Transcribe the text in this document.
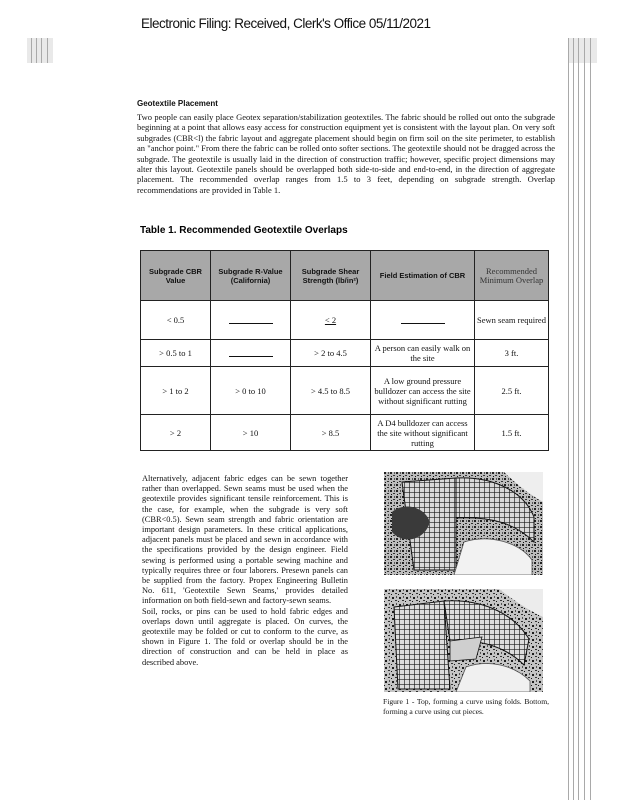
Electronic Filing: Received, Clerk's Office 05/11/2021
Geotextile Placement
Two people can easily place Geotex separation/stabilization geotextiles. The fabric should be rolled out onto the subgrade beginning at a point that allows easy access for construction equipment yet is consistent with the layout plan. On very soft subgrades (CBR<l) the fabric layout and aggregate placement should begin on firm soil on the site perimeter, to establish an "anchor point." From there the fabric can be rolled onto softer sections. The geotextile should not be dragged across the subgrade. The geotextile is usually laid in the direction of construction traffic; however, specific project dimensions may alter this layout. Geotextile panels should be overlapped both side-to-side and end-to-end, in the direction of aggregate placement. The recommended overlap ranges from 1.5 to 3 feet, depending on subgrade strength. Overlap recommendations are provided in Table 1.
Table 1. Recommended Geotextile Overlaps
Subgrade CBR Value	Subgrade R-Value (California)	Subgrade Shear Strength (lb/in²)	Field Estimation of CBR	Recommended Minimum Overlap
< 0.5		< 2		Sewn seam required
> 0.5 to 1		> 2 to 4.5	A person can easily walk on the site	3 ft.
> 1 to 2	> 0 to 10	> 4.5 to 8.5	A low ground pressure bulldozer can access the site without significant rutting	2.5 ft.
> 2	> 10	> 8.5	A D4 bulldozer can access the site without significant rutting	1.5 ft.

Alternatively, adjacent fabric edges can be sewn together rather than overlapped. Sewn seams must be used when the geotextile provides significant tensile reinforcement. This is the case, for example, when the subgrade is very soft (CBR<0.5). Sewn seam strength and fabric orientation are important design parameters. In these critical applications, adjacent panels must be placed and sewn in accordance with the specifications provided by the design engineer. Field sewing is performed using a portable sewing machine and typically requires three or four laborers. Presewn panels can be supplied from the factory. Propex Engineering Bulletin No. 611, 'Geotextile Sewn Seams,' provides detailed information on both field-sewn and factory-sewn seams.

Soil, rocks, or pins can be used to hold fabric edges and overlaps down until aggregate is placed. On curves, the geotextile may be folded or cut to conform to the curve, as shown in Figure 1. The fold or overlap should be in the direction of construction and can be held in place as described above.

Figure 1 - Top, forming a curve using folds. Bottom, forming a curve using cut pieces.
